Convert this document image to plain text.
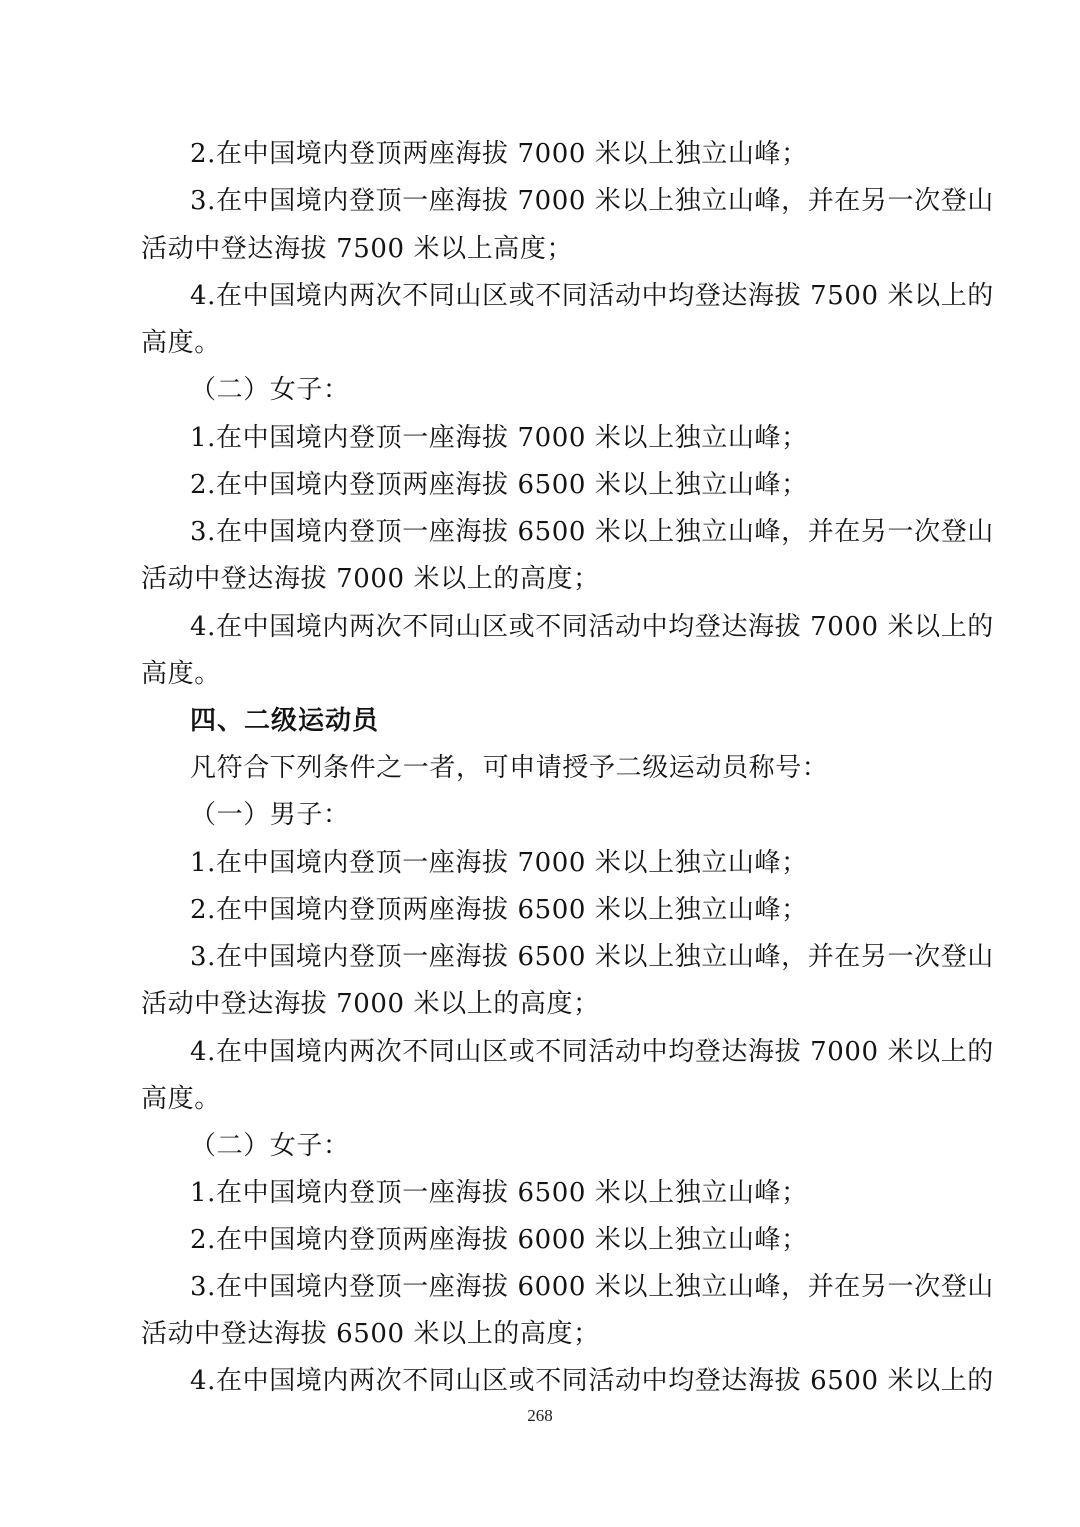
2.在中国境内登顶两座海拔 7000 米以上独立山峰；
3.在中国境内登顶一座海拔 7000 米以上独立山峰，并在另一次登山
活动中登达海拔 7500 米以上高度；
4.在中国境内两次不同山区或不同活动中均登达海拔 7500 米以上的
高度。
（二）女子：
1.在中国境内登顶一座海拔 7000 米以上独立山峰；
2.在中国境内登顶两座海拔 6500 米以上独立山峰；
3.在中国境内登顶一座海拔 6500 米以上独立山峰，并在另一次登山
活动中登达海拔 7000 米以上的高度；
4.在中国境内两次不同山区或不同活动中均登达海拔 7000 米以上的
高度。
四、二级运动员
凡符合下列条件之一者，可申请授予二级运动员称号：
（一）男子：
1.在中国境内登顶一座海拔 7000 米以上独立山峰；
2.在中国境内登顶两座海拔 6500 米以上独立山峰；
3.在中国境内登顶一座海拔 6500 米以上独立山峰，并在另一次登山
活动中登达海拔 7000 米以上的高度；
4.在中国境内两次不同山区或不同活动中均登达海拔 7000 米以上的
高度。
（二）女子：
1.在中国境内登顶一座海拔 6500 米以上独立山峰；
2.在中国境内登顶两座海拔 6000 米以上独立山峰；
3.在中国境内登顶一座海拔 6000 米以上独立山峰，并在另一次登山
活动中登达海拔 6500 米以上的高度；
4.在中国境内两次不同山区或不同活动中均登达海拔 6500 米以上的
268
